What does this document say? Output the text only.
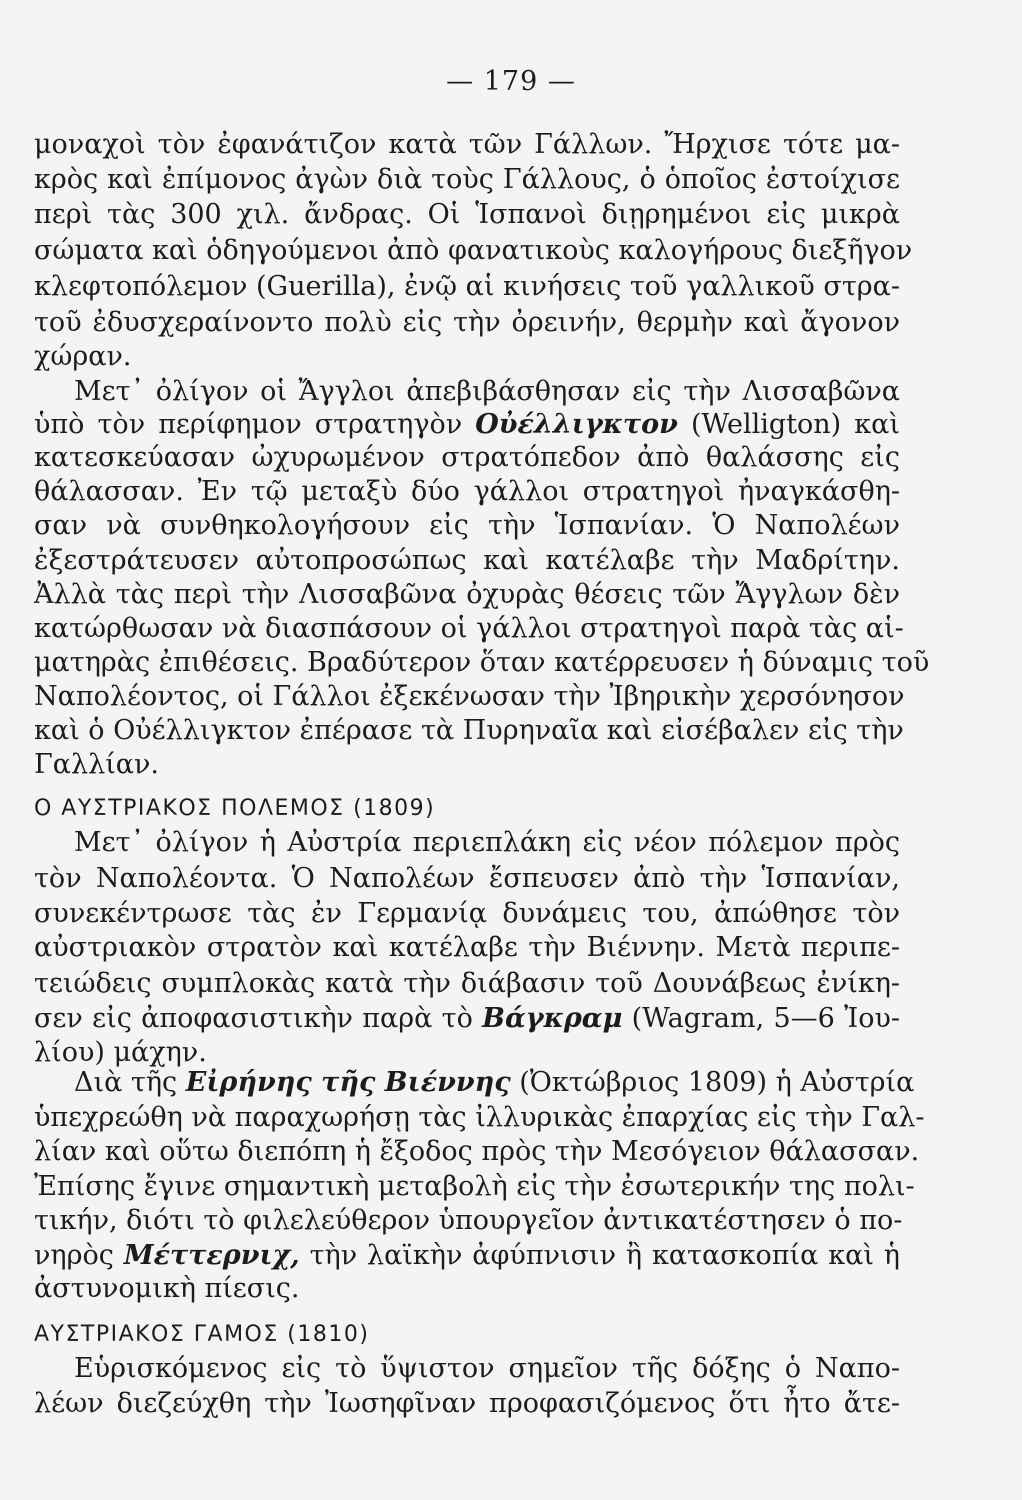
— 179 —
μοναχοὶ τὸν ἐφανάτιζον κατὰ τῶν Γάλλων. Ἤρχισε τότε μα-
κρὸς καὶ ἐπίμονος ἀγὼν διὰ τοὺς Γάλλους, ὁ ὁποῖος ἐστοίχισε
περὶ τὰς 300 χιλ. ἄνδρας. Οἱ Ἱσπανοὶ διῃρημένοι εἰς μικρὰ
σώματα καὶ ὁδηγούμενοι ἀπὸ φανατικοὺς καλογήρους διεξῆγον
κλεφτοπόλεμον (Guerilla), ἐνῷ αἱ κινήσεις τοῦ γαλλικοῦ στρα-
τοῦ ἐδυσχεραίνοντο πολὺ εἰς τὴν ὀρεινήν, θερμὴν καὶ ἄγονον
χώραν.
Μετ᾽ ὀλίγον οἱ Ἄγγλοι ἀπεβιβάσθησαν εἰς τὴν Λισσαβῶνα
ὑπὸ τὸν περίφημον στρατηγὸν Οὐέλλιγκτον (Welligton) καὶ
κατεσκεύασαν ὠχυρωμένον στρατόπεδον ἀπὸ θαλάσσης εἰς
θάλασσαν. Ἐν τῷ μεταξὺ δύο γάλλοι στρατηγοὶ ἠναγκάσθη-
σαν νὰ συνθηκολογήσουν εἰς τὴν Ἱσπανίαν. Ὁ Ναπολέων
ἐξεστράτευσεν αὐτοπροσώπως καὶ κατέλαβε τὴν Μαδρίτην.
Ἀλλὰ τὰς περὶ τὴν Λισσαβῶνα ὀχυρὰς θέσεις τῶν Ἄγγλων δὲν
κατώρθωσαν νὰ διασπάσουν οἱ γάλλοι στρατηγοὶ παρὰ τὰς αἱ-
ματηρὰς ἐπιθέσεις. Βραδύτερον ὅταν κατέρρευσεν ἡ δύναμις τοῦ
Ναπολέοντος, οἱ Γάλλοι ἐξεκένωσαν τὴν Ἰβηρικὴν χερσόνησον
καὶ ὁ Οὐέλλιγκτον ἐπέρασε τὰ Πυρηναῖα καὶ εἰσέβαλεν εἰς τὴν
Γαλλίαν.
Ο ΑΥΣΤΡΙΑΚΟΣ ΠΟΛΕΜΟΣ (1809)
Μετ᾽ ὀλίγον ἡ Αὐστρία περιεπλάκη εἰς νέον πόλεμον πρὸς
τὸν Ναπολέοντα. Ὁ Ναπολέων ἔσπευσεν ἀπὸ τὴν Ἱσπανίαν,
συνεκέντρωσε τὰς ἐν Γερμανίᾳ δυνάμεις του, ἀπώθησε τὸν
αὐστριακὸν στρατὸν καὶ κατέλαβε τὴν Βιέννην. Μετὰ περιπε-
τειώδεις συμπλοκὰς κατὰ τὴν διάβασιν τοῦ Δουνάβεως ἐνίκη-
σεν εἰς ἀποφασιστικὴν παρὰ τὸ Βάγκραμ (Wagram, 5—6 Ἰου-
λίου) μάχην.
Διὰ τῆς Εἰρήνης τῆς Βιέννης (Ὀκτώβριος 1809) ἡ Αὐστρία
ὑπεχρεώθη νὰ παραχωρήσῃ τὰς ἰλλυρικὰς ἐπαρχίας εἰς τὴν Γαλ-
λίαν καὶ οὕτω διεπόπη ἡ ἔξοδος πρὸς τὴν Μεσόγειον θάλασσαν.
Ἐπίσης ἔγινε σημαντικὴ μεταβολὴ εἰς τὴν ἐσωτερικήν της πολι-
τικήν, διότι τὸ φιλελεύθερον ὑπουργεῖον ἀντικατέστησεν ὁ πο-
νηρὸς Μέττερνιχ, τὴν λαϊκὴν ἀφύπνισιν ἢ κατασκοπία καὶ ἡ
ἀστυνομικὴ πίεσις.
ΑΥΣΤΡΙΑΚΟΣ ΓΑΜΟΣ (1810)
Εὑρισκόμενος εἰς τὸ ὕψιστον σημεῖον τῆς δόξης ὁ Ναπο-
λέων διεζεύχθη τὴν Ἰωσηφῖναν προφασιζόμενος ὅτι ἦτο ἄτε-
